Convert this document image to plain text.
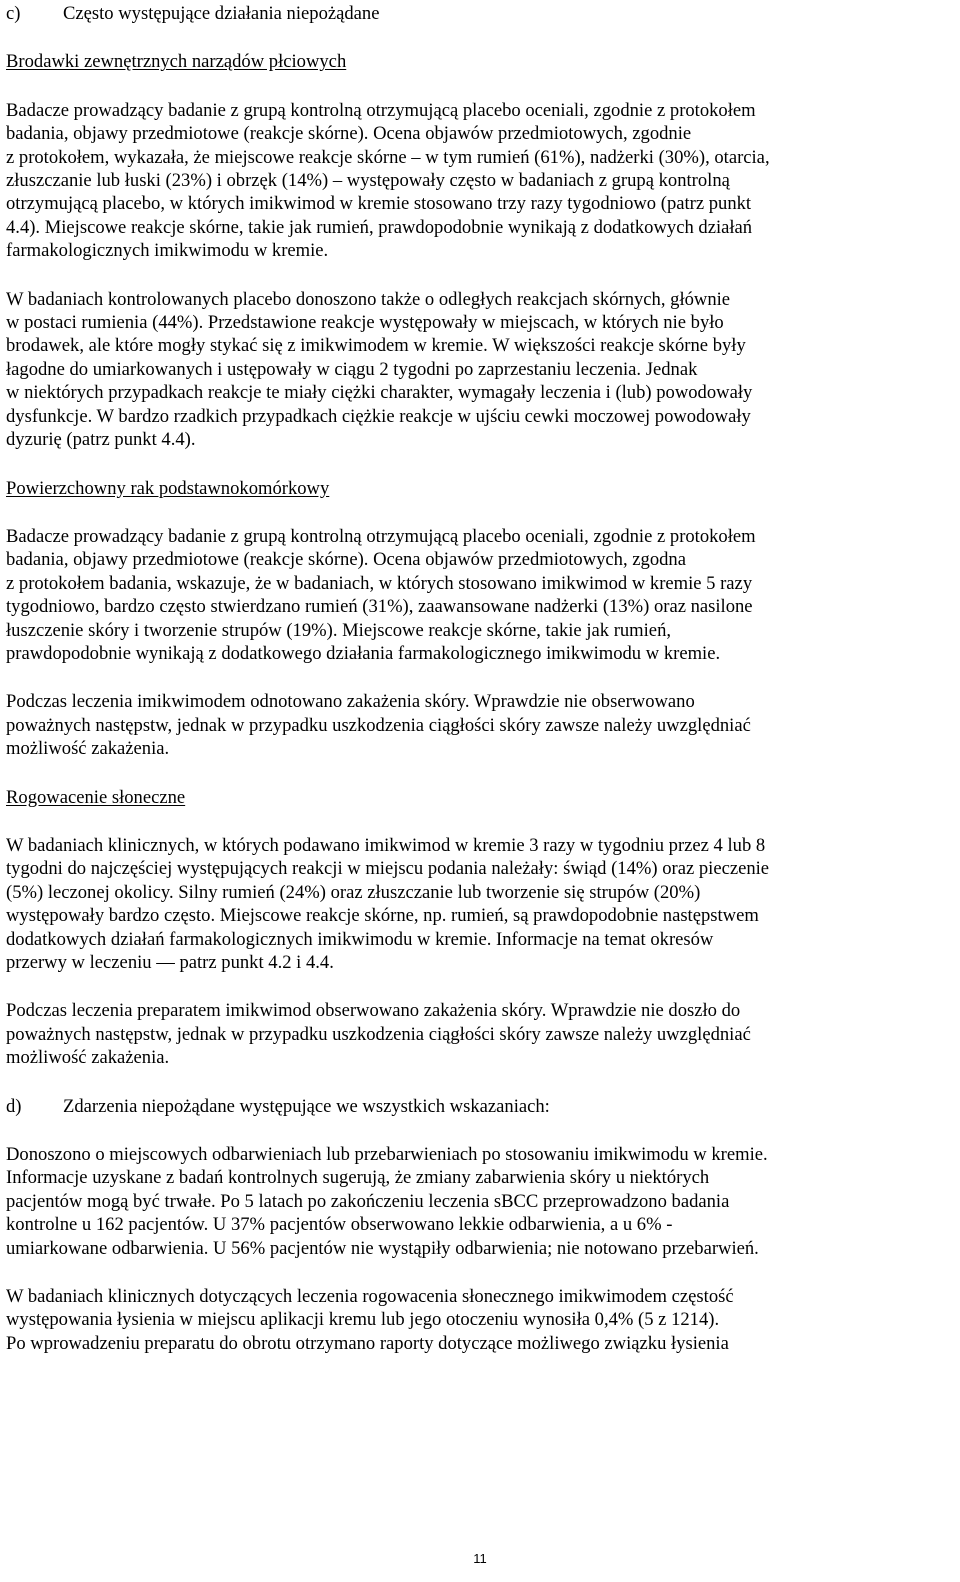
c)	Często występujące działania niepożądane
Brodawki zewnętrznych narządów płciowych
Badacze prowadzący badanie z grupą kontrolną otrzymującą placebo oceniali, zgodnie z protokołem
badania, objawy przedmiotowe (reakcje skórne). Ocena objawów przedmiotowych, zgodnie
z protokołem, wykazała, że miejscowe reakcje skórne – w tym rumień (61%), nadżerki (30%), otarcia,
złuszczanie lub łuski (23%) i obrzęk (14%) – występowały często w badaniach z grupą kontrolną
otrzymującą placebo, w których imikwimod w kremie stosowano trzy razy tygodniowo (patrz punkt
4.4). Miejscowe reakcje skórne, takie jak rumień, prawdopodobnie wynikają z dodatkowych działań
farmakologicznych imikwimodu w kremie.
W badaniach kontrolowanych placebo donoszono także o odległych reakcjach skórnych, głównie
w postaci rumienia (44%). Przedstawione reakcje występowały w miejscach, w których nie było
brodawek, ale które mogły stykać się z imikwimodem w kremie. W większości reakcje skórne były
łagodne do umiarkowanych i ustępowały w ciągu 2 tygodni po zaprzestaniu leczenia. Jednak
w niektórych przypadkach reakcje te miały ciężki charakter, wymagały leczenia i (lub) powodowały
dysfunkcje. W bardzo rzadkich przypadkach ciężkie reakcje w ujściu cewki moczowej powodowały
dyzurię (patrz punkt 4.4).
Powierzchowny rak podstawnokomórkowy
Badacze prowadzący badanie z grupą kontrolną otrzymującą placebo oceniali, zgodnie z protokołem
badania, objawy przedmiotowe (reakcje skórne). Ocena objawów przedmiotowych, zgodna
z protokołem badania, wskazuje, że w badaniach, w których stosowano imikwimod w kremie 5 razy
tygodniowo, bardzo często stwierdzano rumień (31%), zaawansowane nadżerki (13%) oraz nasilone
łuszczenie skóry i tworzenie strupów (19%). Miejscowe reakcje skórne, takie jak rumień,
prawdopodobnie wynikają z dodatkowego działania farmakologicznego imikwimodu w kremie.
Podczas leczenia imikwimodem odnotowano zakażenia skóry. Wprawdzie nie obserwowano
poważnych następstw, jednak w przypadku uszkodzenia ciągłości skóry zawsze należy uwzględniać
możliwość zakażenia.
Rogowacenie słoneczne
W badaniach klinicznych, w których podawano imikwimod w kremie 3 razy w tygodniu przez 4 lub 8
tygodni do najczęściej występujących reakcji w miejscu podania należały: świąd (14%) oraz pieczenie
(5%) leczonej okolicy. Silny rumień (24%) oraz złuszczanie lub tworzenie się strupów (20%)
występowały bardzo często. Miejscowe reakcje skórne, np. rumień, są prawdopodobnie następstwem
dodatkowych działań farmakologicznych imikwimodu w kremie. Informacje na temat okresów
przerwy w leczeniu — patrz punkt 4.2 i 4.4.
Podczas leczenia preparatem imikwimod obserwowano zakażenia skóry. Wprawdzie nie doszło do
poważnych następstw, jednak w przypadku uszkodzenia ciągłości skóry zawsze należy uwzględniać
możliwość zakażenia.
d)	Zdarzenia niepożądane występujące we wszystkich wskazaniach:
Donoszono o miejscowych odbarwieniach lub przebarwieniach po stosowaniu imikwimodu w kremie.
Informacje uzyskane z badań kontrolnych sugerują, że zmiany zabarwienia skóry u niektórych
pacjentów mogą być trwałe. Po 5 latach po zakończeniu leczenia sBCC przeprowadzono badania
kontrolne u 162 pacjentów. U 37% pacjentów obserwowano lekkie odbarwienia, a u 6% -
umiarkowane odbarwienia. U 56% pacjentów nie wystąpiły odbarwienia; nie notowano przebarwień.
W badaniach klinicznych dotyczących leczenia rogowacenia słonecznego imikwimodem częstość
występowania łysienia w miejscu aplikacji kremu lub jego otoczeniu wynosiła 0,4% (5 z 1214).
Po wprowadzeniu preparatu do obrotu otrzymano raporty dotyczące możliwego związku łysienia
11
